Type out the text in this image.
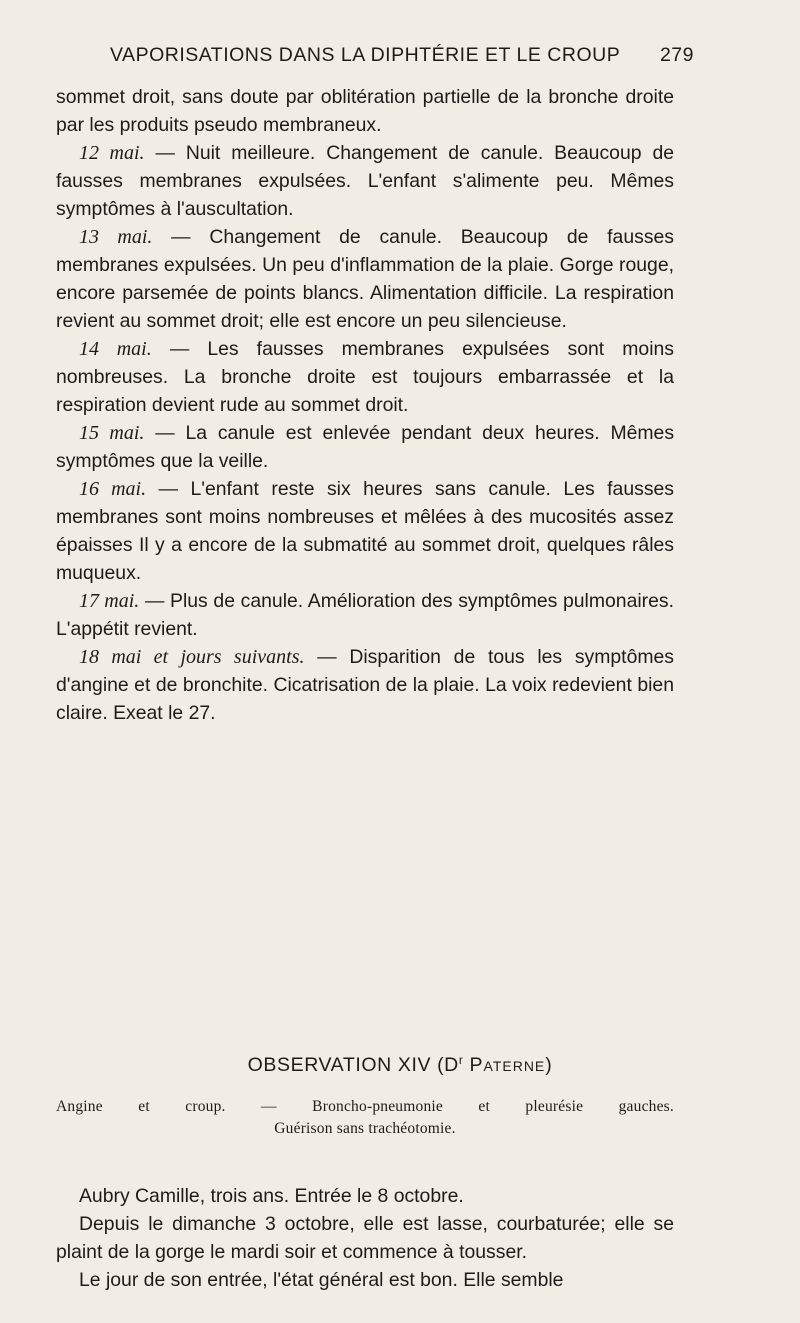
VAPORISATIONS DANS LA DIPHTÉRIE ET LE CROUP 279

sommet droit, sans doute par oblitération partielle de la bronche droite par les produits pseudo membraneux.

12 mai. — Nuit meilleure. Changement de canule. Beaucoup de fausses membranes expulsées. L'enfant s'alimente peu. Mêmes symptômes à l'auscultation.

13 mai. — Changement de canule. Beaucoup de fausses membranes expulsées. Un peu d'inflammation de la plaie. Gorge rouge, encore parsemée de points blancs. Alimentation difficile. La respiration revient au sommet droit; elle est encore un peu silencieuse.

14 mai. — Les fausses membranes expulsées sont moins nombreuses. La bronche droite est toujours embarrassée et la respiration devient rude au sommet droit.

15 mai. — La canule est enlevée pendant deux heures. Mêmes symptômes que la veille.

16 mai. — L'enfant reste six heures sans canule. Les fausses membranes sont moins nombreuses et mêlées à des mucosités assez épaisses Il y a encore de la submatité au sommet droit, quelques râles muqueux.

17 mai. — Plus de canule. Amélioration des symptômes pulmonaires. L'appétit revient.

18 mai et jours suivants. — Disparition de tous les symptômes d'angine et de bronchite. Cicatrisation de la plaie. La voix redevient bien claire. Exeat le 27.

OBSERVATION XIV ($D^r$ Paterne)
Angine et croup. — Broncho-pneumonie et pleurésie gauches.
Guérison sans trachéotomie.

Aubry Camille, trois ans. Entrée le 8 octobre.

Depuis le dimanche 3 octobre, elle est lasse, courbaturée; elle se plaint de la gorge le mardi soir et commence à tousser.

Le jour de son entrée, l'état général est bon. Elle semble
